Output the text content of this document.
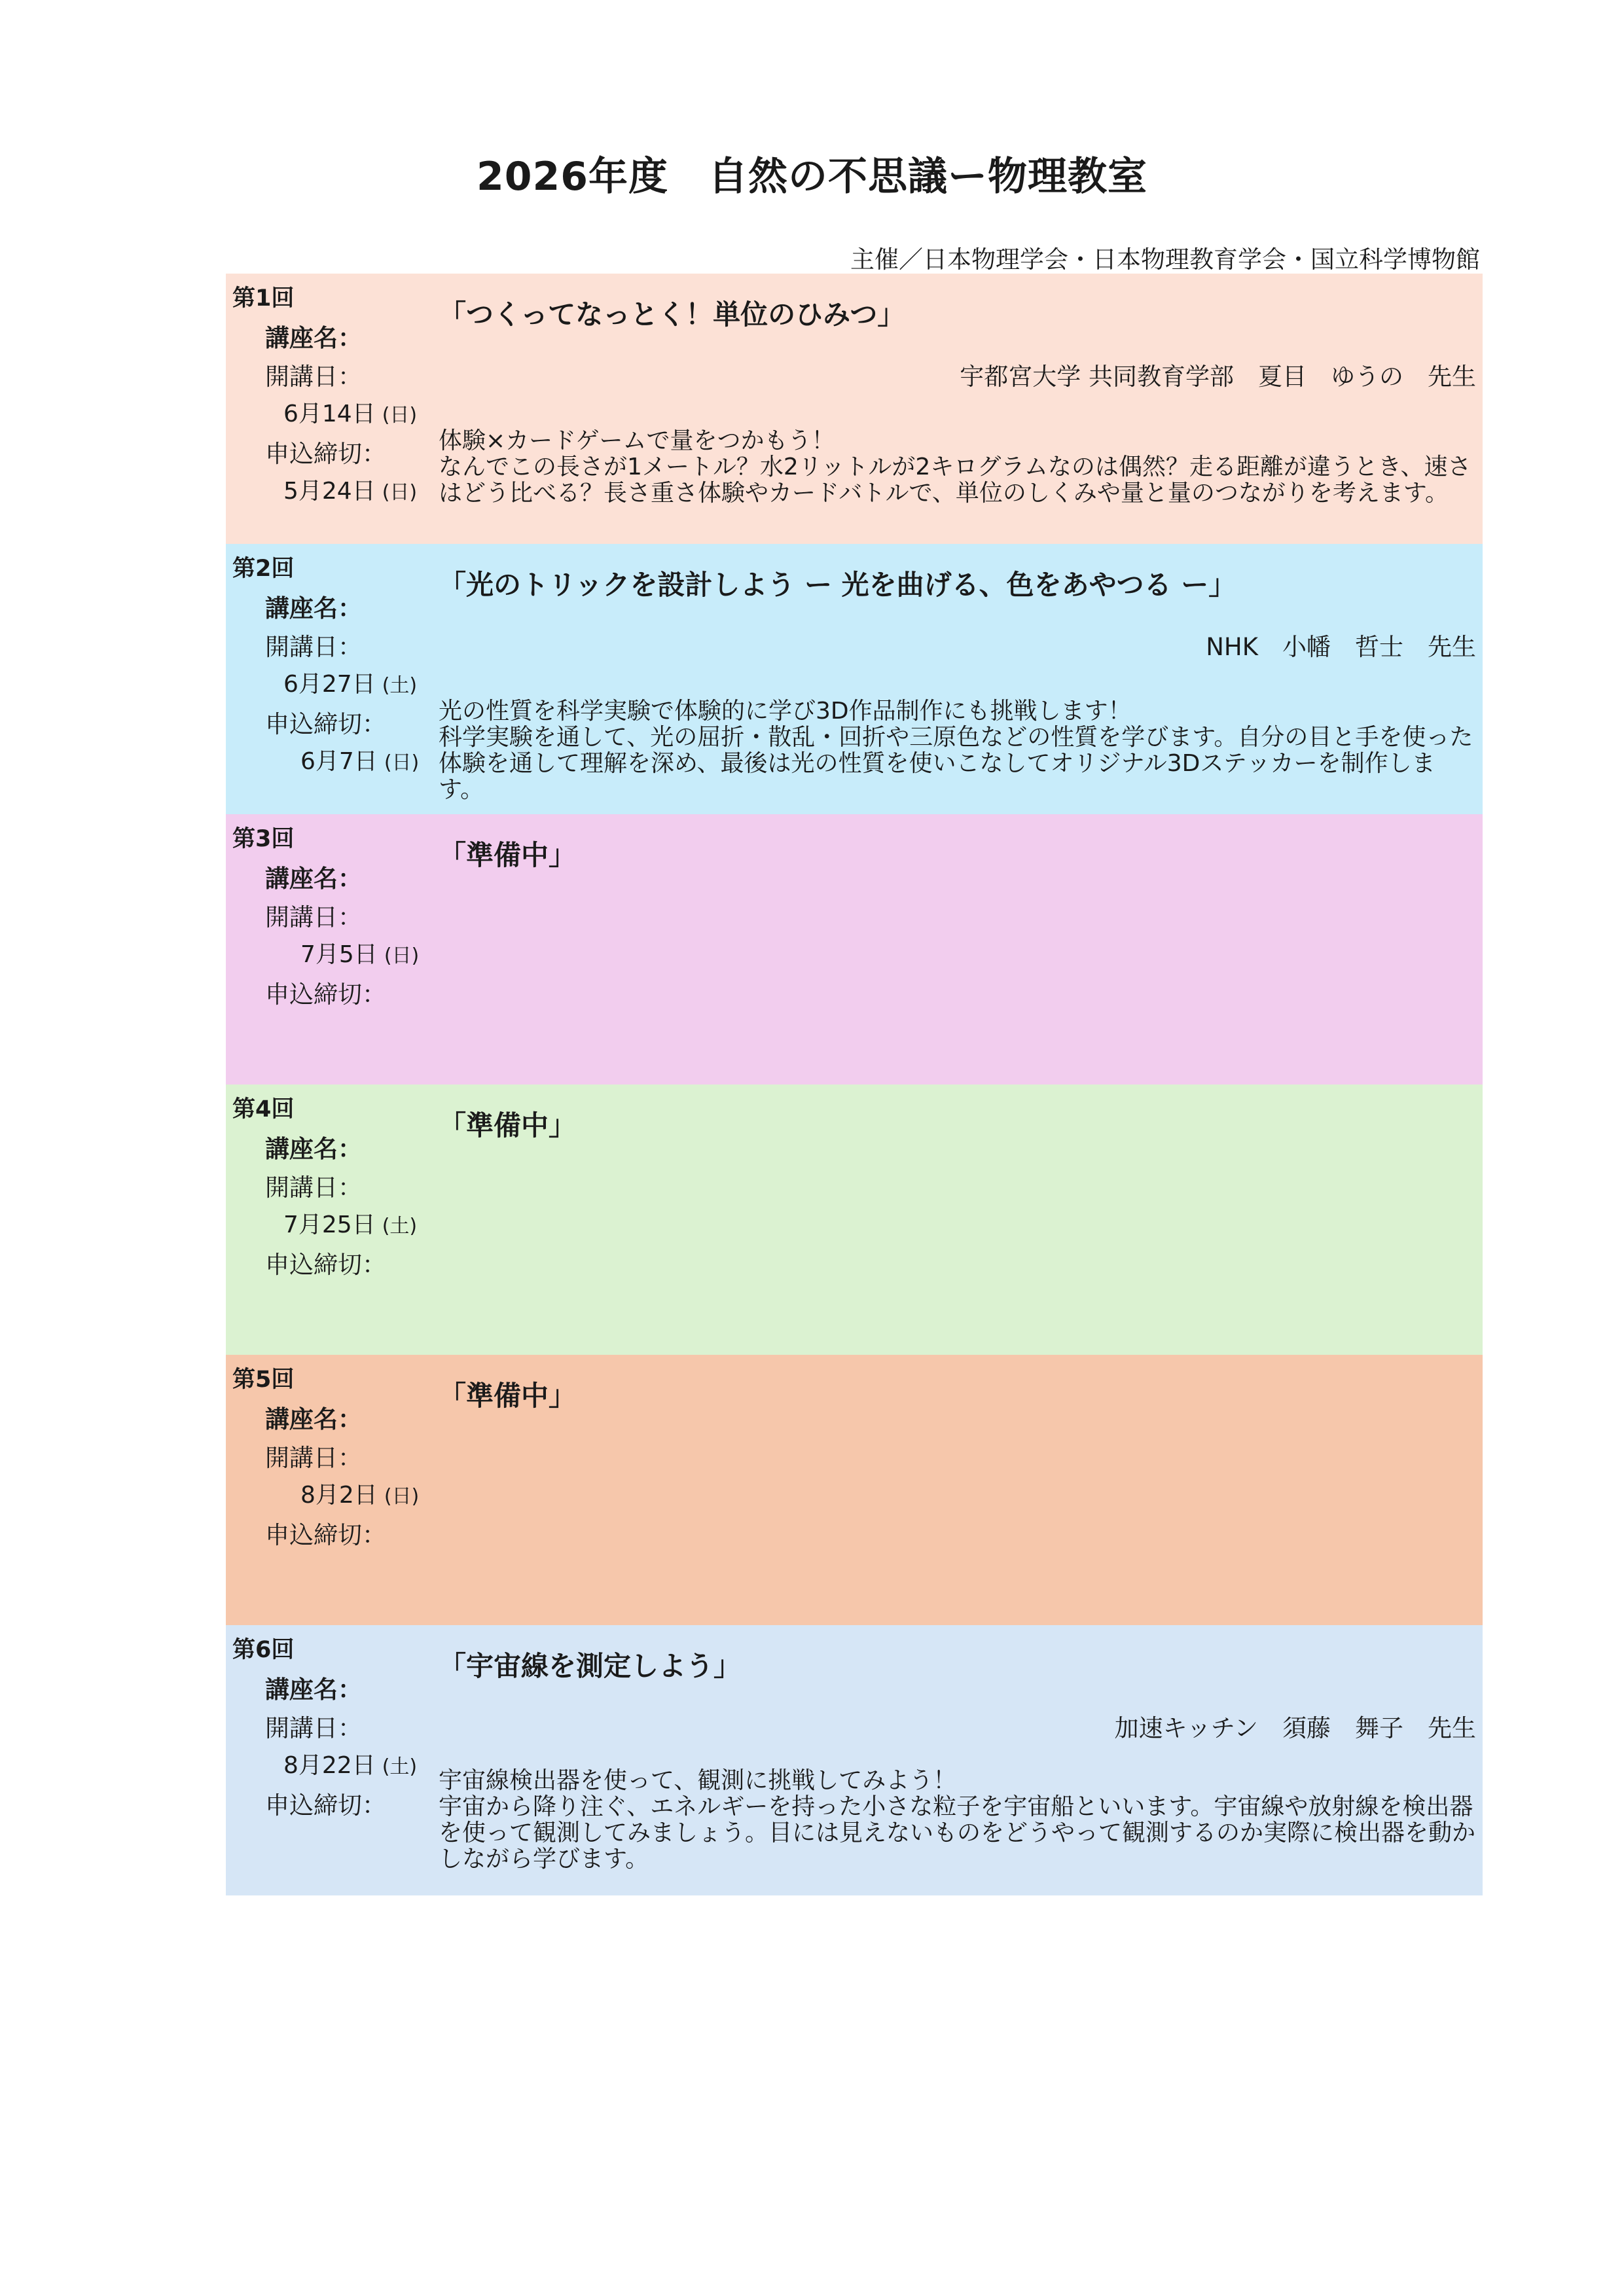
2026年度　自然の不思議ー物理教室
主催／日本物理学会・日本物理教育学会・国立科学博物館
第1回
講座名：
開講日：
6月14日 (日)
申込締切：
5月24日 (日)
「つくってなっとく！単位のひみつ」
宇都宮大学 共同教育学部　夏目　ゆうの　先生
体験×カードゲームで量をつかもう！
なんでこの長さが1メートル？水2リットルが2キログラムなのは偶然？走る距離が違うとき、速さはどう比べる？長さ重さ体験やカードバトルで、単位のしくみや量と量のつながりを考えます。
第2回
講座名：
開講日：
6月27日 (土)
申込締切：
6月7日 (日)
「光のトリックを設計しよう ー 光を曲げる、色をあやつる ー」
NHK　小幡　哲士　先生
光の性質を科学実験で体験的に学び3D作品制作にも挑戦します！
科学実験を通して、光の屈折・散乱・回折や三原色などの性質を学びます。自分の目と手を使った体験を通して理解を深め、最後は光の性質を使いこなしてオリジナル3Dステッカーを制作します。
第3回
講座名：
開講日：
7月5日 (日)
申込締切：
「準備中」
第4回
講座名：
開講日：
7月25日 (土)
申込締切：
「準備中」
第5回
講座名：
開講日：
8月2日 (日)
申込締切：
「準備中」
第6回
講座名：
開講日：
8月22日 (土)
申込締切：
「宇宙線を測定しよう」
加速キッチン　須藤　舞子　先生
宇宙線検出器を使って、観測に挑戦してみよう！
宇宙から降り注ぐ、エネルギーを持った小さな粒子を宇宙船といいます。宇宙線や放射線を検出器を使って観測してみましょう。目には見えないものをどうやって観測するのか実際に検出器を動かしながら学びます。
